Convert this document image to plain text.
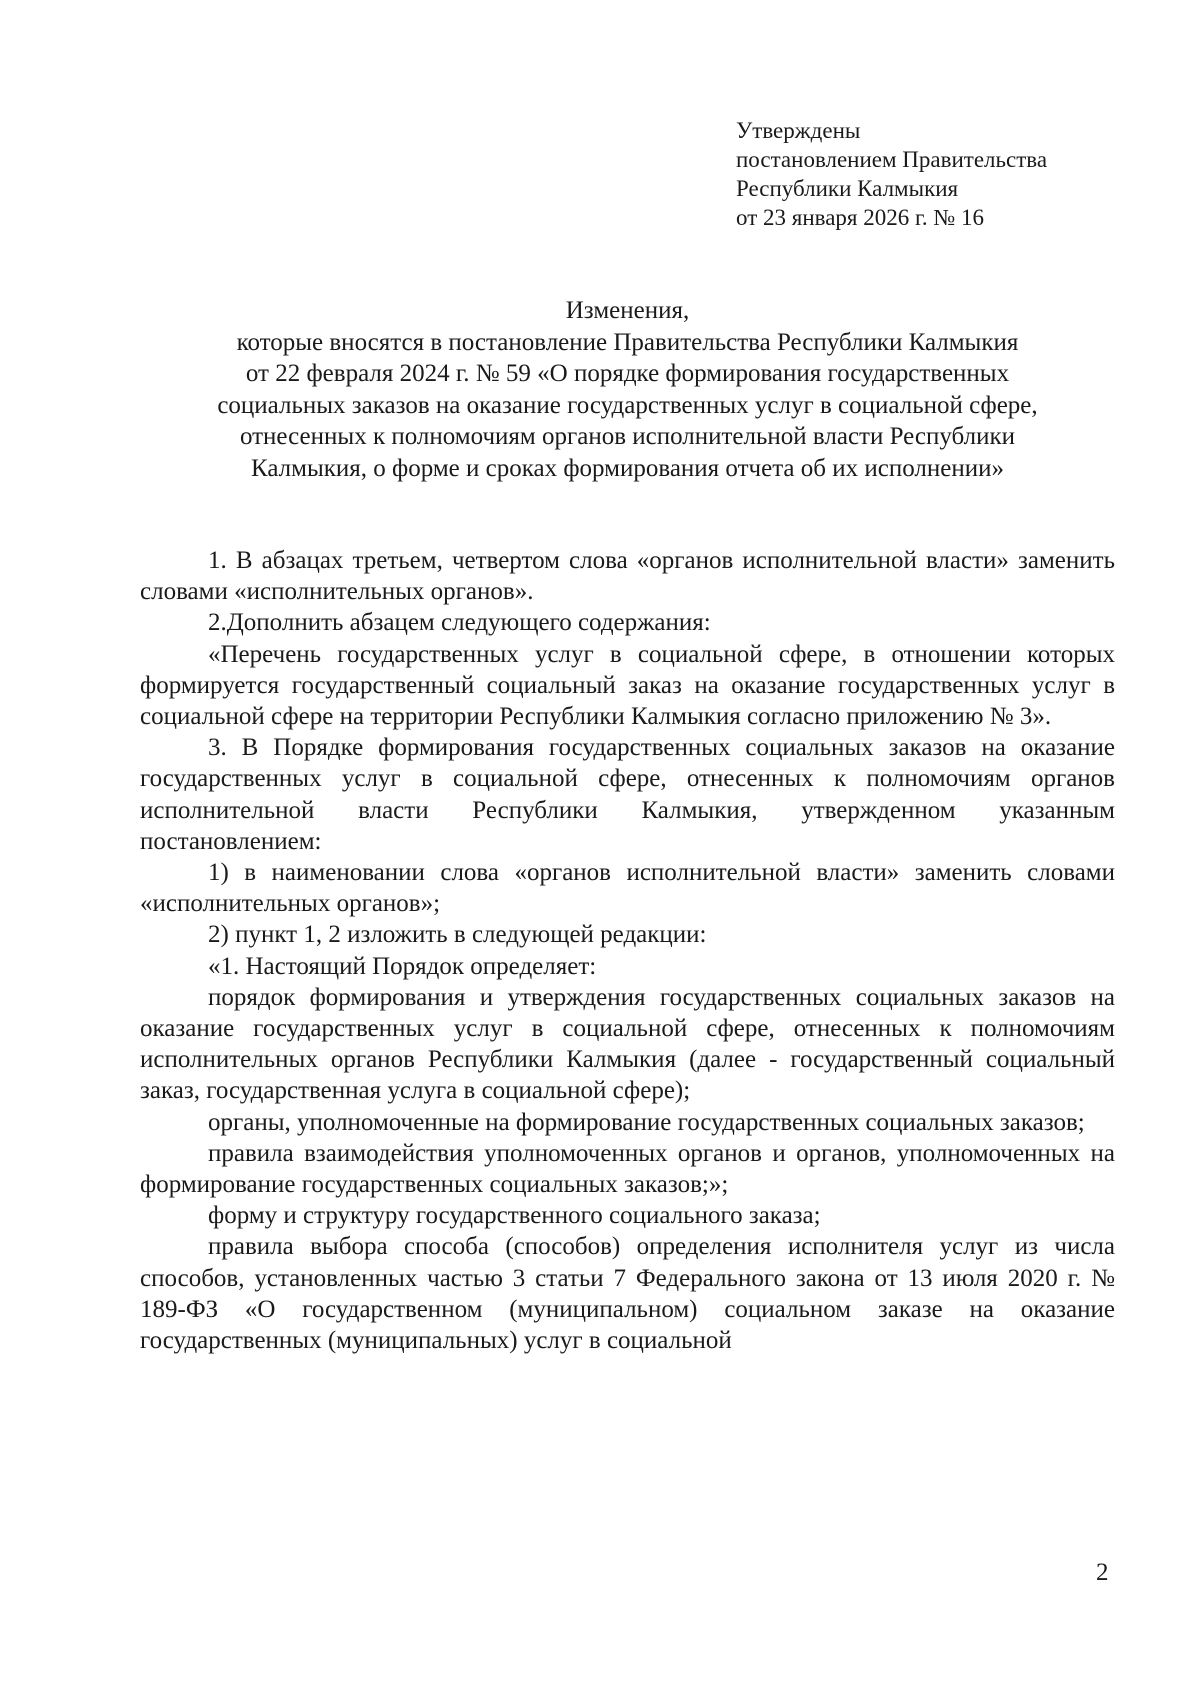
Утверждены
постановлением Правительства
Республики Калмыкия
от 23 января 2026 г. № 16
Изменения,
которые вносятся в постановление Правительства Республики Калмыкия
от 22 февраля 2024 г. № 59 «О порядке формирования государственных
социальных заказов на оказание государственных услуг в социальной сфере,
отнесенных к полномочиям органов исполнительной власти Республики
Калмыкия, о форме и сроках формирования отчета об их исполнении»

1. В абзацах третьем, четвертом слова «органов исполнительной власти» заменить словами «исполнительных органов».

2.Дополнить абзацем следующего содержания:

«Перечень государственных услуг в социальной сфере, в отношении которых формируется государственный социальный заказ на оказание государственных услуг в социальной сфере на территории Республики Калмыкия согласно приложению № 3».

3. В Порядке формирования государственных социальных заказов на оказание государственных услуг в социальной сфере, отнесенных к полномочиям органов исполнительной власти Республики Калмыкия, утвержденном указанным постановлением:

1) в наименовании слова «органов исполнительной власти» заменить словами «исполнительных органов»;

2) пункт 1, 2 изложить в следующей редакции:

«1. Настоящий Порядок определяет:

порядок формирования и утверждения государственных социальных заказов на оказание государственных услуг в социальной сфере, отнесенных к полномочиям исполнительных органов Республики Калмыкия (далее - государственный социальный заказ, государственная услуга в социальной сфере);

органы, уполномоченные на формирование государственных социальных заказов;

правила взаимодействия уполномоченных органов и органов, уполномоченных на формирование государственных социальных заказов;»;

форму и структуру государственного социального заказа;

правила выбора способа (способов) определения исполнителя услуг из числа способов, установленных частью 3 статьи 7 Федерального закона от 13 июля 2020 г. № 189-ФЗ «О государственном (муниципальном) социальном заказе на оказание государственных (муниципальных) услуг в социальной

2
